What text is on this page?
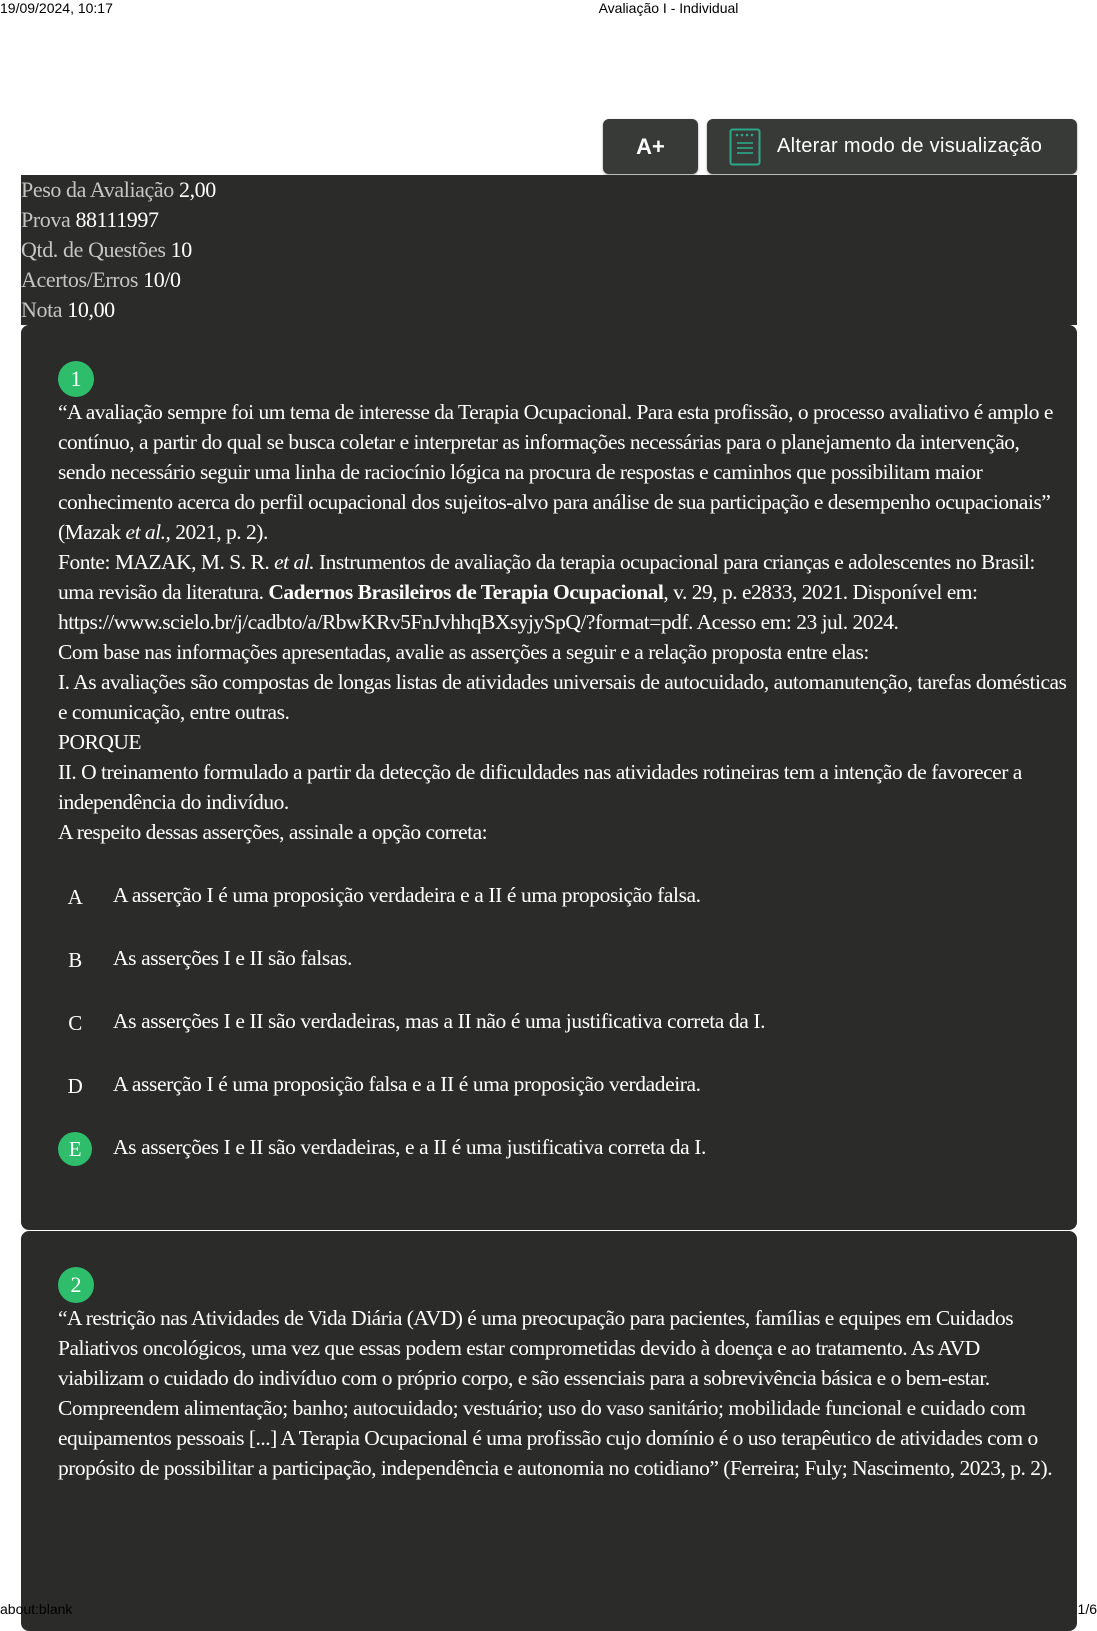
19/09/2024, 10:17	Avaliação I - Individual
A+	Alterar modo de visualização
Peso da Avaliação 2,00
Prova 88111997
Qtd. de Questões 10
Acertos/Erros 10/0
Nota 10,00
1

“A avaliação sempre foi um tema de interesse da Terapia Ocupacional. Para esta profissão, o processo avaliativo é amplo e contínuo, a partir do qual se busca coletar e interpretar as informações necessárias para o planejamento da intervenção, sendo necessário seguir uma linha de raciocínio lógica na procura de respostas e caminhos que possibilitam maior conhecimento acerca do perfil ocupacional dos sujeitos-alvo para análise de sua participação e desempenho ocupacionais” (Mazak et al., 2021, p. 2).

Fonte: MAZAK, M. S. R. et al. Instrumentos de avaliação da terapia ocupacional para crianças e adolescentes no Brasil: uma revisão da literatura. Cadernos Brasileiros de Terapia Ocupacional, v. 29, p. e2833, 2021. Disponível em: https://www.scielo.br/j/cadbto/a/RbwKRv5FnJvhhqBXsyjySpQ/?format=pdf. Acesso em: 23 jul. 2024.

Com base nas informações apresentadas, avalie as asserções a seguir e a relação proposta entre elas:

I. As avaliações são compostas de longas listas de atividades universais de autocuidado, automanutenção, tarefas domésticas e comunicação, entre outras.

PORQUE

II. O treinamento formulado a partir da detecção de dificuldades nas atividades rotineiras tem a intenção de favorecer a independência do indivíduo.

A respeito dessas asserções, assinale a opção correta:

A	A asserção I é uma proposição verdadeira e a II é uma proposição falsa.
B	As asserções I e II são falsas.
C	As asserções I e II são verdadeiras, mas a II não é uma justificativa correta da I.
D	A asserção I é uma proposição falsa e a II é uma proposição verdadeira.
E	As asserções I e II são verdadeiras, e a II é uma justificativa correta da I.
2

“A restrição nas Atividades de Vida Diária (AVD) é uma preocupação para pacientes, famílias e equipes em Cuidados Paliativos oncológicos, uma vez que essas podem estar comprometidas devido à doença e ao tratamento. As AVD viabilizam o cuidado do indivíduo com o próprio corpo, e são essenciais para a sobrevivência básica e o bem-estar. Compreendem alimentação; banho; autocuidado; vestuário; uso do vaso sanitário; mobilidade funcional e cuidado com equipamentos pessoais [...] A Terapia Ocupacional é uma profissão cujo domínio é o uso terapêutico de atividades com o propósito de possibilitar a participação, independência e autonomia no cotidiano” (Ferreira; Fuly; Nascimento, 2023, p. 2).

about:blank	1/6
